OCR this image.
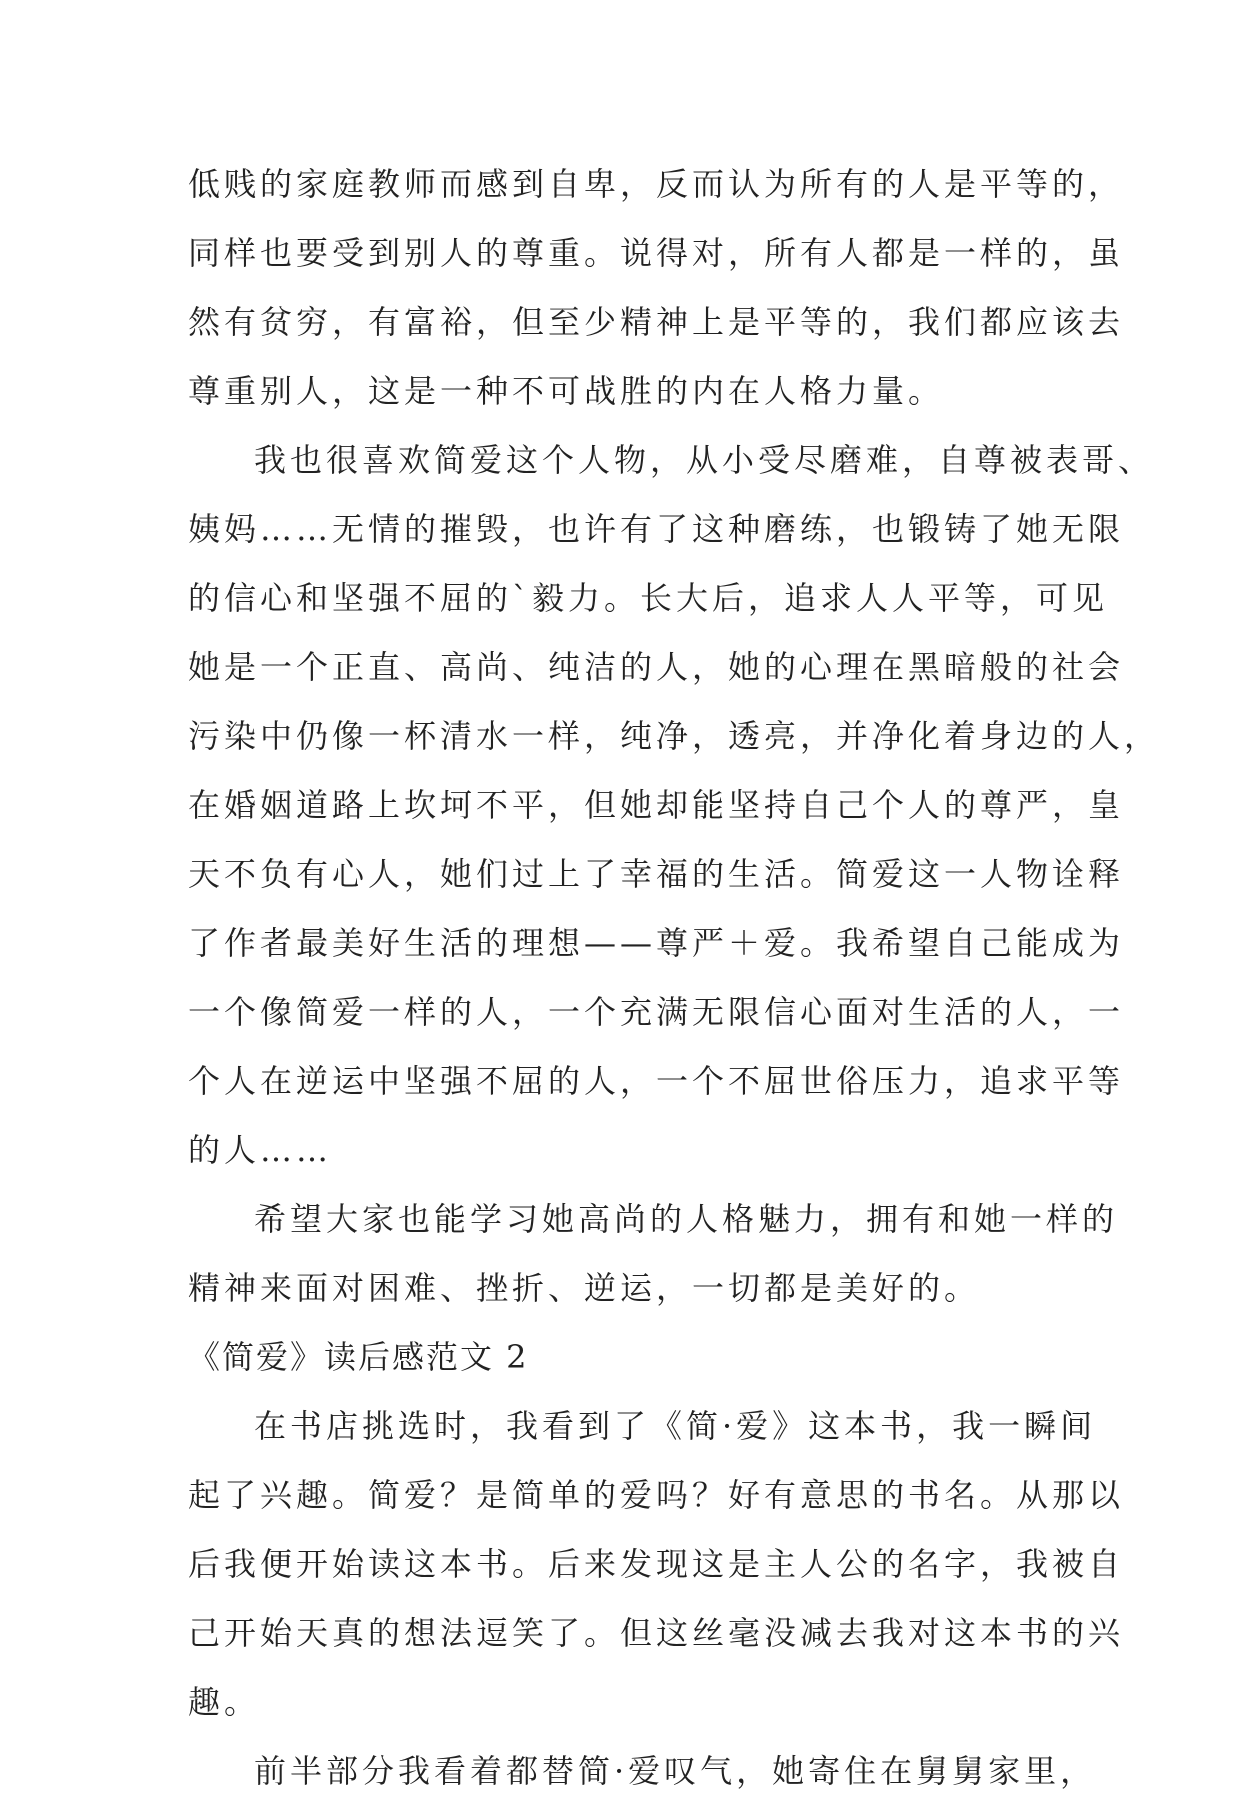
低贱的家庭教师而感到自卑，反而认为所有的人是平等的，
同样也要受到别人的尊重。说得对，所有人都是一样的，虽
然有贫穷，有富裕，但至少精神上是平等的，我们都应该去
尊重别人，这是一种不可战胜的内在人格力量。
我也很喜欢简爱这个人物，从小受尽磨难，自尊被表哥、
姨妈……无情的摧毁，也许有了这种磨练，也锻铸了她无限
的信心和坚强不屈的`毅力。长大后，追求人人平等，可见
她是一个正直、高尚、纯洁的人，她的心理在黑暗般的社会
污染中仍像一杯清水一样，纯净，透亮，并净化着身边的人，
在婚姻道路上坎坷不平，但她却能坚持自己个人的尊严，皇
天不负有心人，她们过上了幸福的生活。简爱这一人物诠释
了作者最美好生活的理想——尊严＋爱。我希望自己能成为
一个像简爱一样的人，一个充满无限信心面对生活的人，一
个人在逆运中坚强不屈的人，一个不屈世俗压力，追求平等
的人……
希望大家也能学习她高尚的人格魅力，拥有和她一样的
精神来面对困难、挫折、逆运，一切都是美好的。
《简爱》读后感范文 2
在书店挑选时，我看到了《简·爱》这本书，我一瞬间
起了兴趣。简爱？是简单的爱吗？好有意思的书名。从那以
后我便开始读这本书。后来发现这是主人公的名字，我被自
己开始天真的想法逗笑了。但这丝毫没减去我对这本书的兴
趣。
前半部分我看着都替简·爱叹气，她寄住在舅舅家里，
